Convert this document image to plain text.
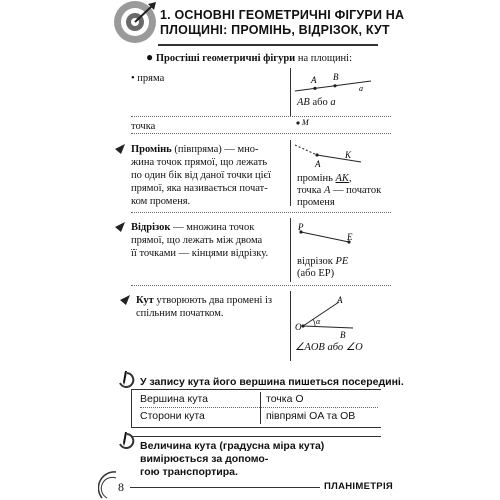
1. ОСНОВНІ ГЕОМЕТРИЧНІ ФІГУРИ НА
ПЛОЩИНІ: ПРОМІНЬ, ВІДРІЗОК, КУТ
● Простіші геометричні фігури на площині:
• пряма	A B
a
AB або a
точка	M
Промінь (півпряма) — мно-
жина точок прямої, що лежать
по один бік від даної точки цієї
прямої, яка називається почат-
ком променя.
A
K
промінь AK,
точка A — початок
променя
Відрізок — множина точок
прямої, що лежать між двома
її точками — кінцями відрізку.
P
E
відрізок PE
(або EP)
Кут утворюють два промені із
спільним початком.
A
B
O
α
∠AOB або ∠O
У запису кута його вершина пишеться посередині.
Вершина кута	точка O
Сторони кута	півпрямі OA та OB
Величина кута (градусна міра кута) вимірюється за допомо-
гою транспортира.
8	ПЛАНІМЕТРІЯ
